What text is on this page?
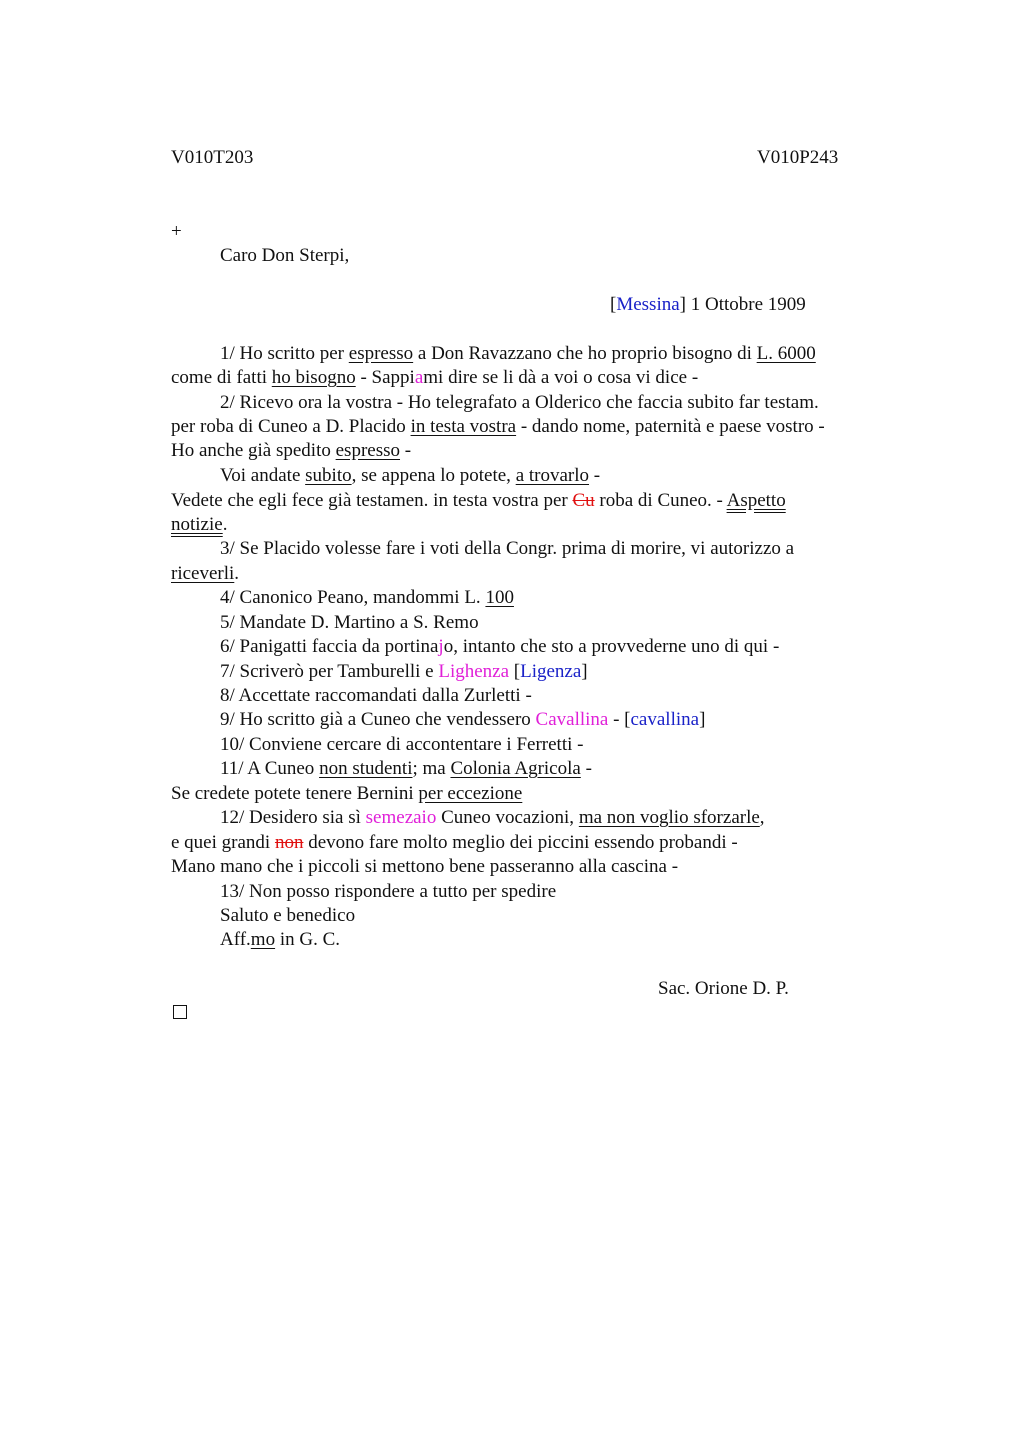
V010T203	V010P243
+
Caro Don Sterpi,
[Messina] 1 Ottobre 1909
1/ Ho scritto per espresso a Don Ravazzano che ho proprio bisogno di L. 6000
come di fatti ho bisogno - Sappiami dire se li dà a voi o cosa vi dice -
2/ Ricevo ora la vostra - Ho telegrafato a Olderico che faccia subito far testam.
per roba di Cuneo a D. Placido in testa vostra - dando nome, paternità e paese vostro -
Ho anche già spedito espresso -
Voi andate subito, se appena lo potete, a trovarlo -
Vedete che egli fece già testamen. in testa vostra per Cu roba di Cuneo. - Aspetto
notizie.
3/ Se Placido volesse fare i voti della Congr. prima di morire, vi autorizzo a
riceverli.
4/ Canonico Peano, mandommi L. 100
5/ Mandate D. Martino a S. Remo
6/ Panigatti faccia da portinajo, intanto che sto a provvederne uno di qui -
7/ Scriverò per Tamburelli e Lighenza [Ligenza]
8/ Accettate raccomandati dalla Zurletti -
9/ Ho scritto già a Cuneo che vendessero Cavallina - [cavallina]
10/ Conviene cercare di accontentare i Ferretti -
11/ A Cuneo non studenti; ma Colonia Agricola -
Se credete potete tenere Bernini per eccezione
12/ Desidero sia sì semezaio Cuneo vocazioni, ma non voglio sforzarle,
e quei grandi non devono fare molto meglio dei piccini essendo probandi -
Mano mano che i piccoli si mettono bene passeranno alla cascina -
13/ Non posso rispondere a tutto per spedire
Saluto e benedico
Aff.mo in G. C.
Sac. Orione D. P.
